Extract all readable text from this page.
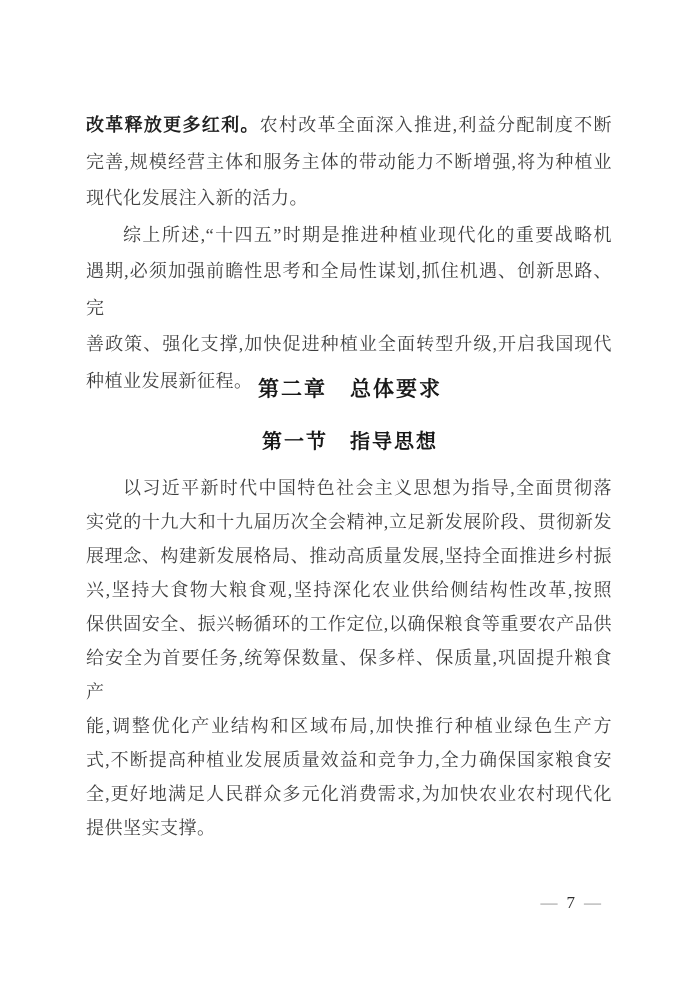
改革释放更多红利。农村改革全面深入推进,利益分配制度不断
完善,规模经营主体和服务主体的带动能力不断增强,将为种植业
现代化发展注入新的活力。
综上所述,“十四五”时期是推进种植业现代化的重要战略机
遇期,必须加强前瞻性思考和全局性谋划,抓住机遇、创新思路、完
善政策、强化支撑,加快促进种植业全面转型升级,开启我国现代
种植业发展新征程。 第二章　总体要求
第一节　指导思想
以习近平新时代中国特色社会主义思想为指导,全面贯彻落
实党的十九大和十九届历次全会精神,立足新发展阶段、贯彻新发
展理念、构建新发展格局、推动高质量发展,坚持全面推进乡村振
兴,坚持大食物大粮食观,坚持深化农业供给侧结构性改革,按照
保供固安全、振兴畅循环的工作定位,以确保粮食等重要农产品供
给安全为首要任务,统筹保数量、保多样、保质量,巩固提升粮食产
能,调整优化产业结构和区域布局,加快推行种植业绿色生产方
式,不断提高种植业发展质量效益和竞争力,全力确保国家粮食安
全,更好地满足人民群众多元化消费需求,为加快农业农村现代化
提供坚实支撑。
— 7 —
